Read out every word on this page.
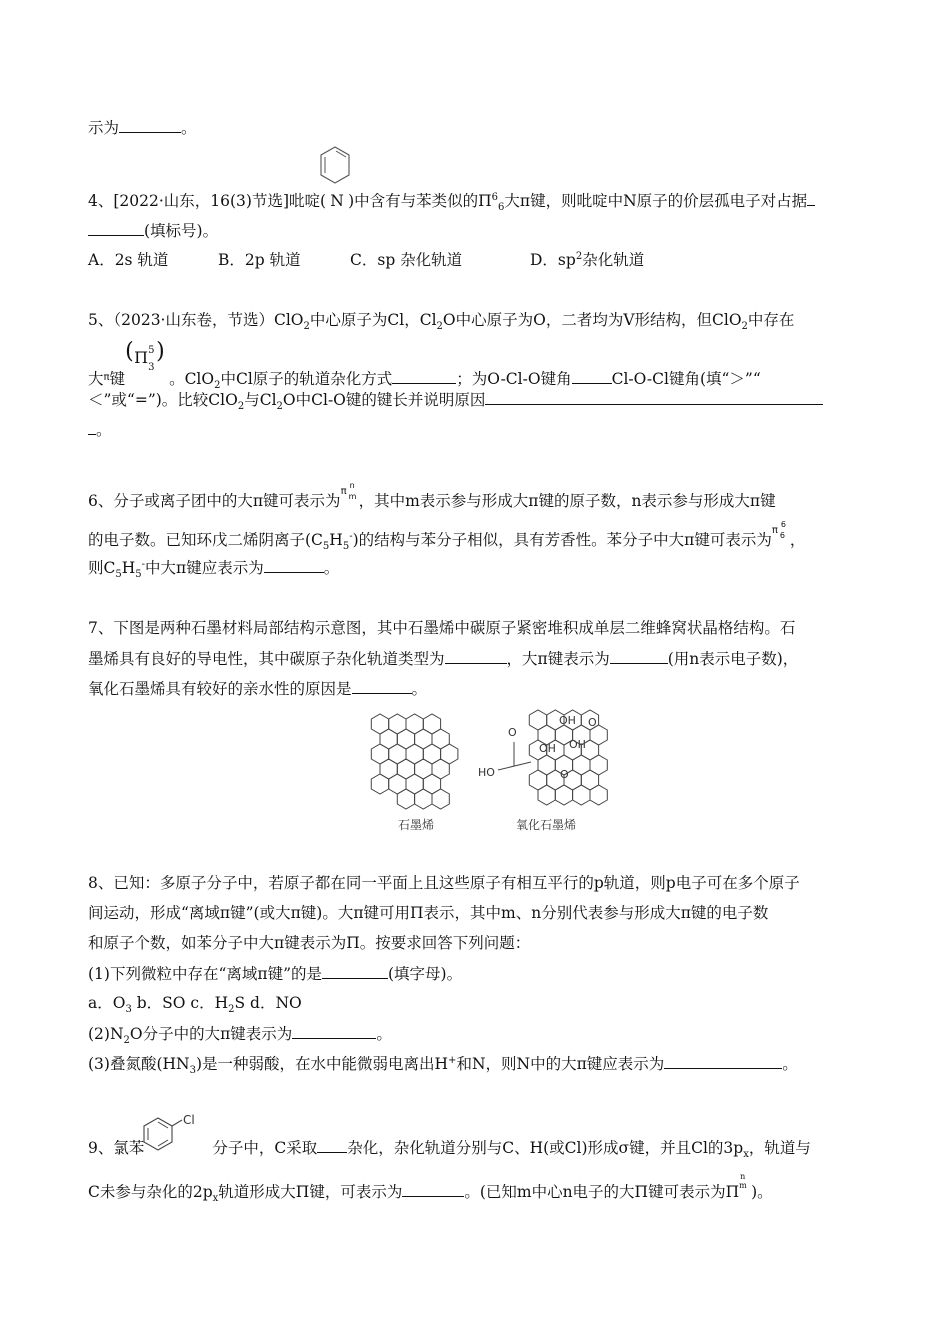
示为	。
4、[2022·山东，16(3)节选]吡啶( N )中含有与苯类似的$\Pi^6_6$大π键，则吡啶中N原子的价层孤电子对占据
(填标号)。
A．2s 轨道	B．2p 轨道	C．sp 杂化轨道	D．$sp^2$杂化轨道
5、（2023·山东卷，节选）ClO$_2$中心原子为Cl，$Cl_2O$中心原子为O，二者均为V形结构，但ClO$_2$中存在
大$^\pi$键
( Π 5
3
)
。ClO$_2$中Cl原子的轨道杂化方式	；为O-Cl-O键角	Cl-O-Cl键角(填“＞”“
＜”或“=”)。比较ClO$_2$与$Cl_2O$中Cl-O键的键长并说明原因
。
6、分子或离子团中的大π键可表示为
π
n
m ，其中m表示参与形成大π键的原子数，n表示参与形成大π键
的电子数。已知环戊二烯阴离子$(C_5H_5^-)$的结构与苯分子相似，具有芳香性。苯分子中大π键可表示为
π
6
6 ，
则$C_5H_5^-$中大π键应表示为	。
7、下图是两种石墨材料局部结构示意图，其中石墨烯中碳原子紧密堆积成单层二维蜂窝状晶格结构。石
墨烯具有良好的导电性，其中碳原子杂化轨道类型为	，大π键表示为	(用n表示电子数)，
氧化石墨烯具有较好的亲水性的原因是	。
石墨烯
HO
OH
OH OH
O
O
O
氧化石墨烯
8、已知：多原子分子中，若原子都在同一平面上且这些原子有相互平行的p轨道，则p电子可在多个原子
间运动，形成“离域π键”(或大π键)。大π键可用Π表示，其中m、n分别代表参与形成大π键的电子数
和原子个数，如苯分子中大π键表示为Π。按要求回答下列问题：
(1)下列微粒中存在“离域π键”的是	(填字母)。
a．$O_3$ b．SO c．$H_2S$ d．NO
$(2)N_2O$分子中的大π键表示为	。
(3)叠氮酸$(HN_3)$是一种弱酸，在水中能微弱电离出H+和N，则N中的大π键应表示为	。
Cl
9、氯苯	分子中，C采取 杂化，杂化轨道分别与C、H(或Cl)形成σ键，并且Cl的$3p_x$，轨道与
C未参与杂化的$2p_x$轨道形成大Π键，可表示为	。(已知m中心n电子的大Π键可表示为Π
n
m )。
